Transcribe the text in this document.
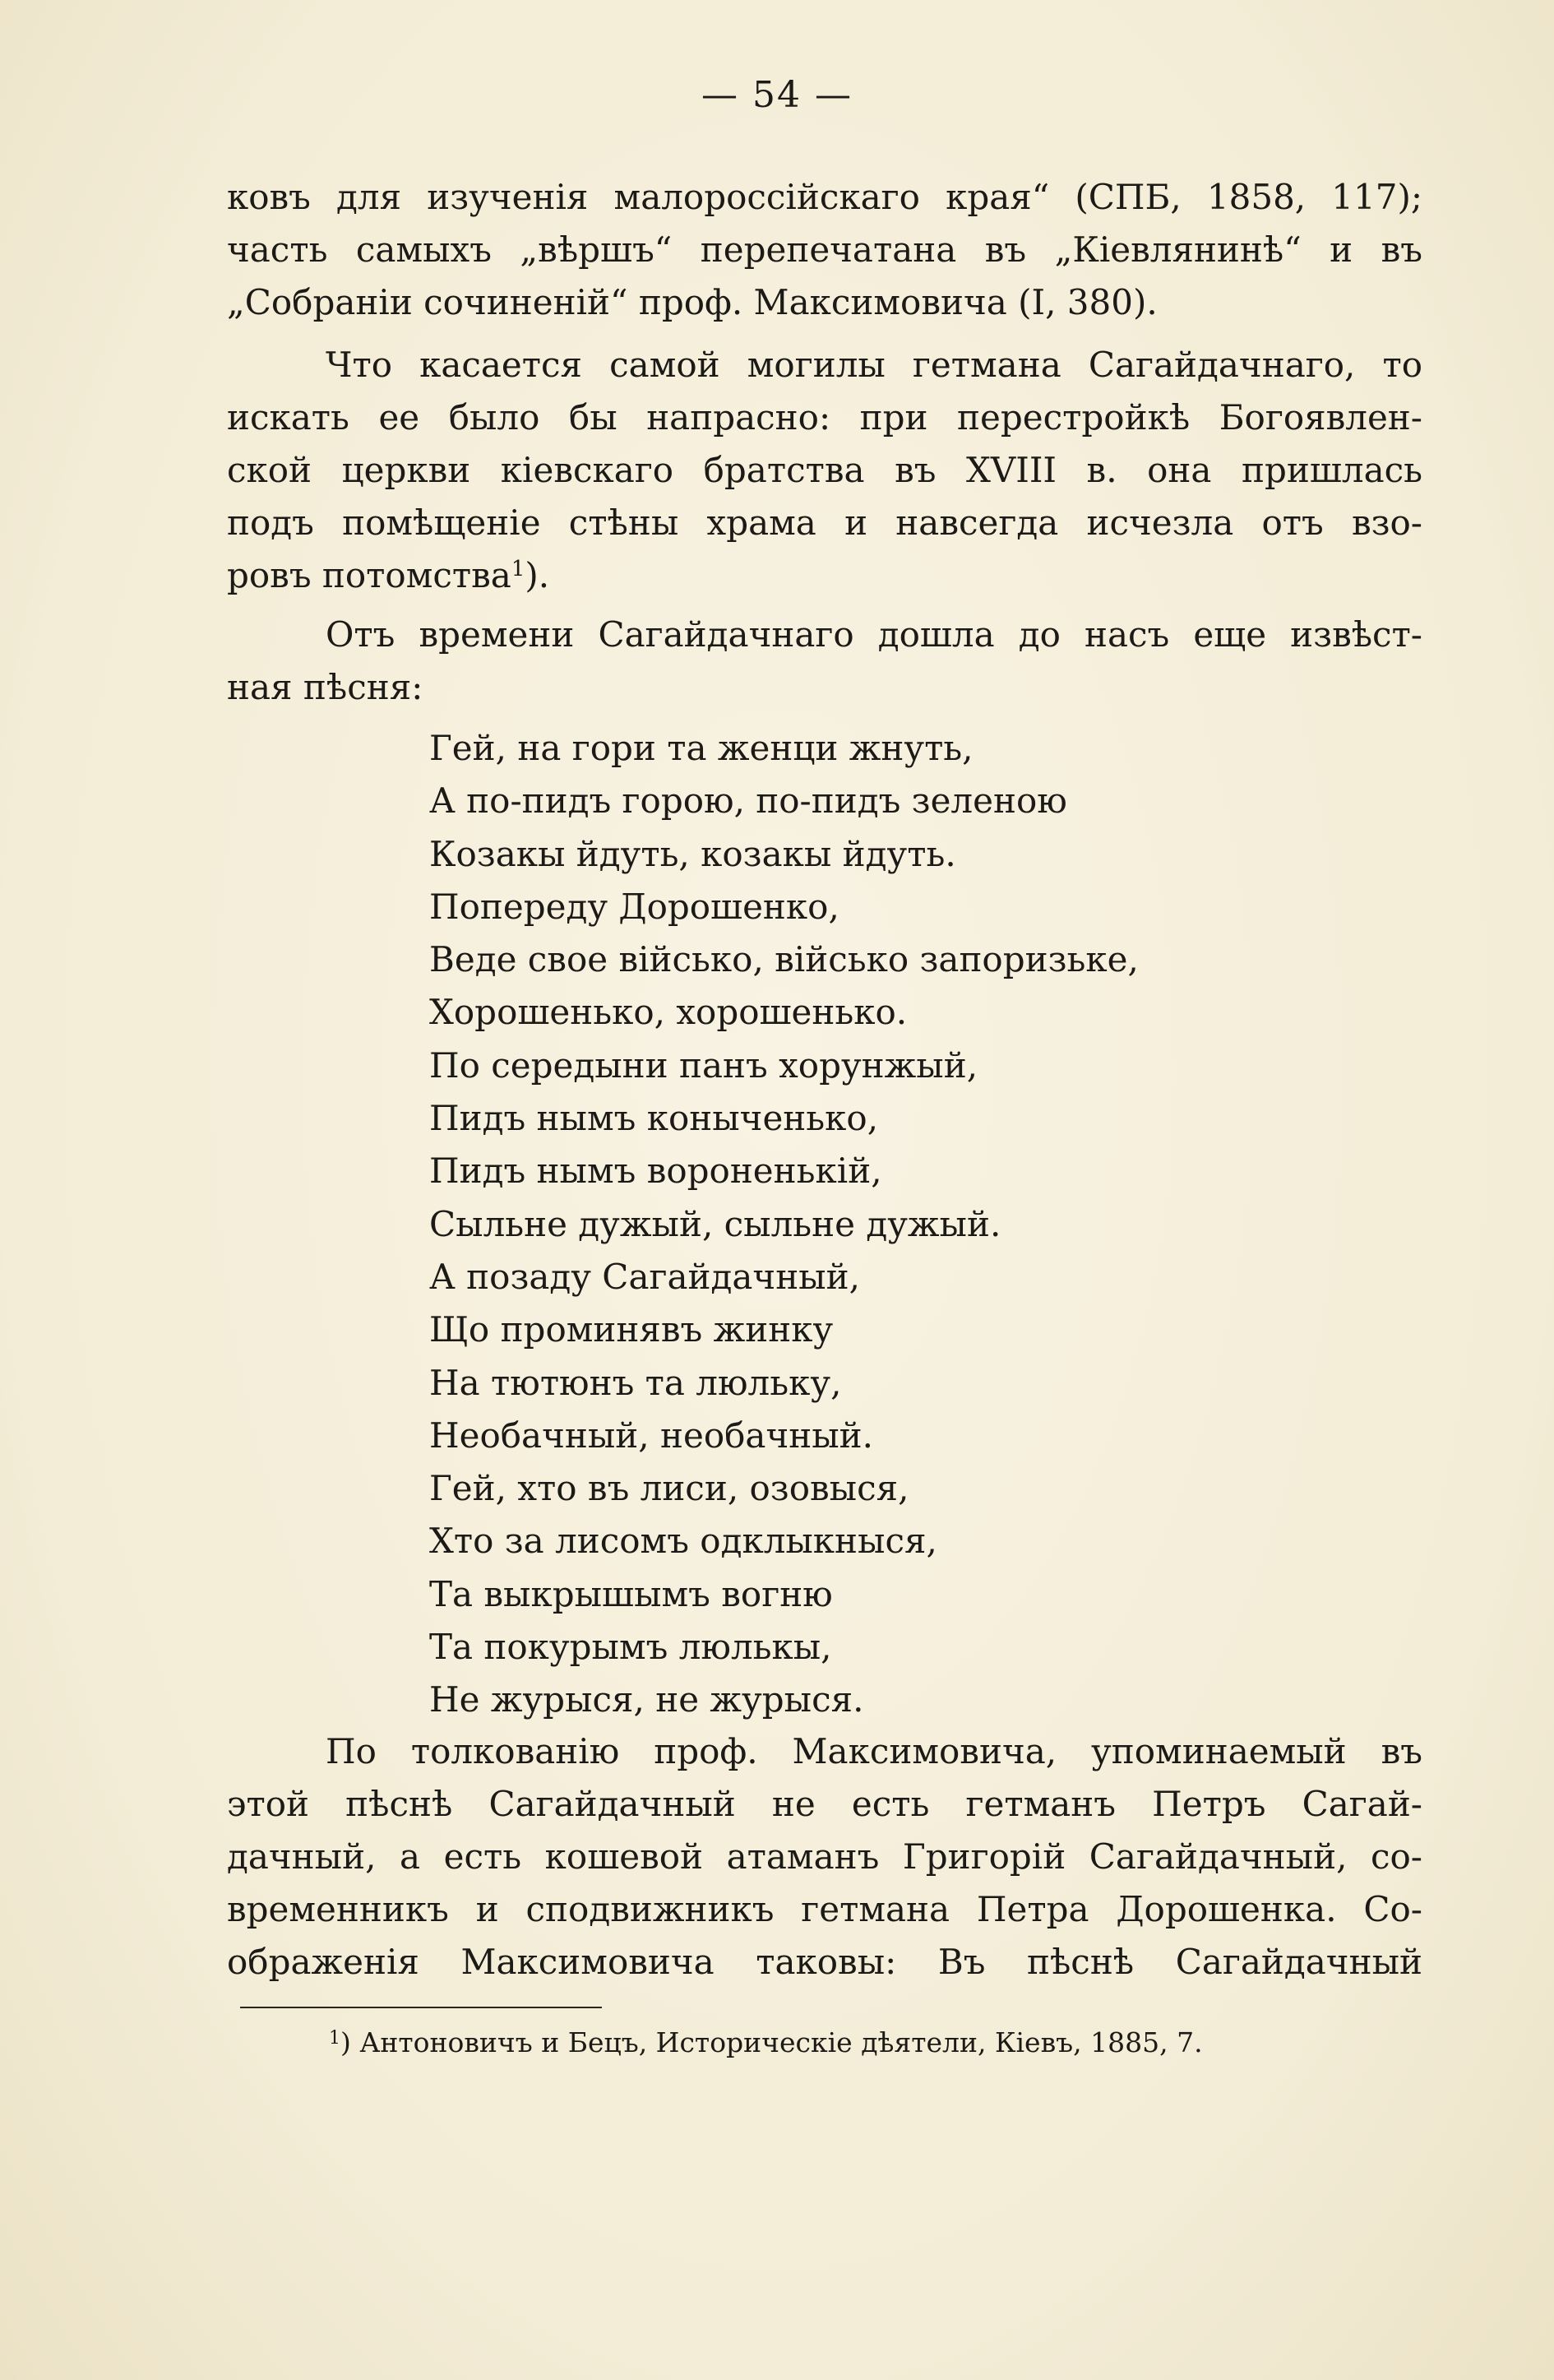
— 54 —

ковъ для изученія малороссійскаго края“ (СПБ, 1858, 117);
часть самыхъ „вѣршъ“ перепечатана въ „Кіевлянинѣ“ и въ
„Собраніи сочиненій“ проф. Максимовича (I, 380).

Что касается самой могилы гетмана Сагайдачнаго, то
искать ее было бы напрасно: при перестройкѣ Богоявлен-
ской церкви кіевскаго братства въ XVIII в. она пришлась
подъ помѣщеніе стѣны храма и навсегда исчезла отъ взо-
ровъ потомства$^1$).

Отъ времени Сагайдачнаго дошла до насъ еще извѣст-
ная пѣсня:

Гей, на гори та женци жнуть,
А по-пидъ горою, по-пидъ зеленою
Козакы йдуть, козакы йдуть.
Попереду Дорошенко,
Веде свое військо, військо запоризьке,
Хорошенько, хорошенько.
По середыни панъ хорунжый,
Пидъ нымъ коныченько,
Пидъ нымъ вороненькій,
Сыльне дужый, сыльне дужый.
А позаду Сагайдачный,
Що проминявъ жинку
На тютюнъ та люльку,
Необачный, необачный.
Гей, хто въ лиси, озовыся,
Хто за лисомъ одклыкныся,
Та выкрышымъ вогню
Та покурымъ люлькы,
Не журыся, не журыся.

По толкованію проф. Максимовича, упоминаемый въ
этой пѣснѣ Сагайдачный не есть гетманъ Петръ Сагай-
дачный, а есть кошевой атаманъ Григорій Сагайдачный, со-
временникъ и сподвижникъ гетмана Петра Дорошенка. Со-
ображенія Максимовича таковы: Въ пѣснѣ Сагайдачный

$^1$) Антоновичъ и Бецъ, Историческіе дѣятели, Кіевъ, 1885, 7.
